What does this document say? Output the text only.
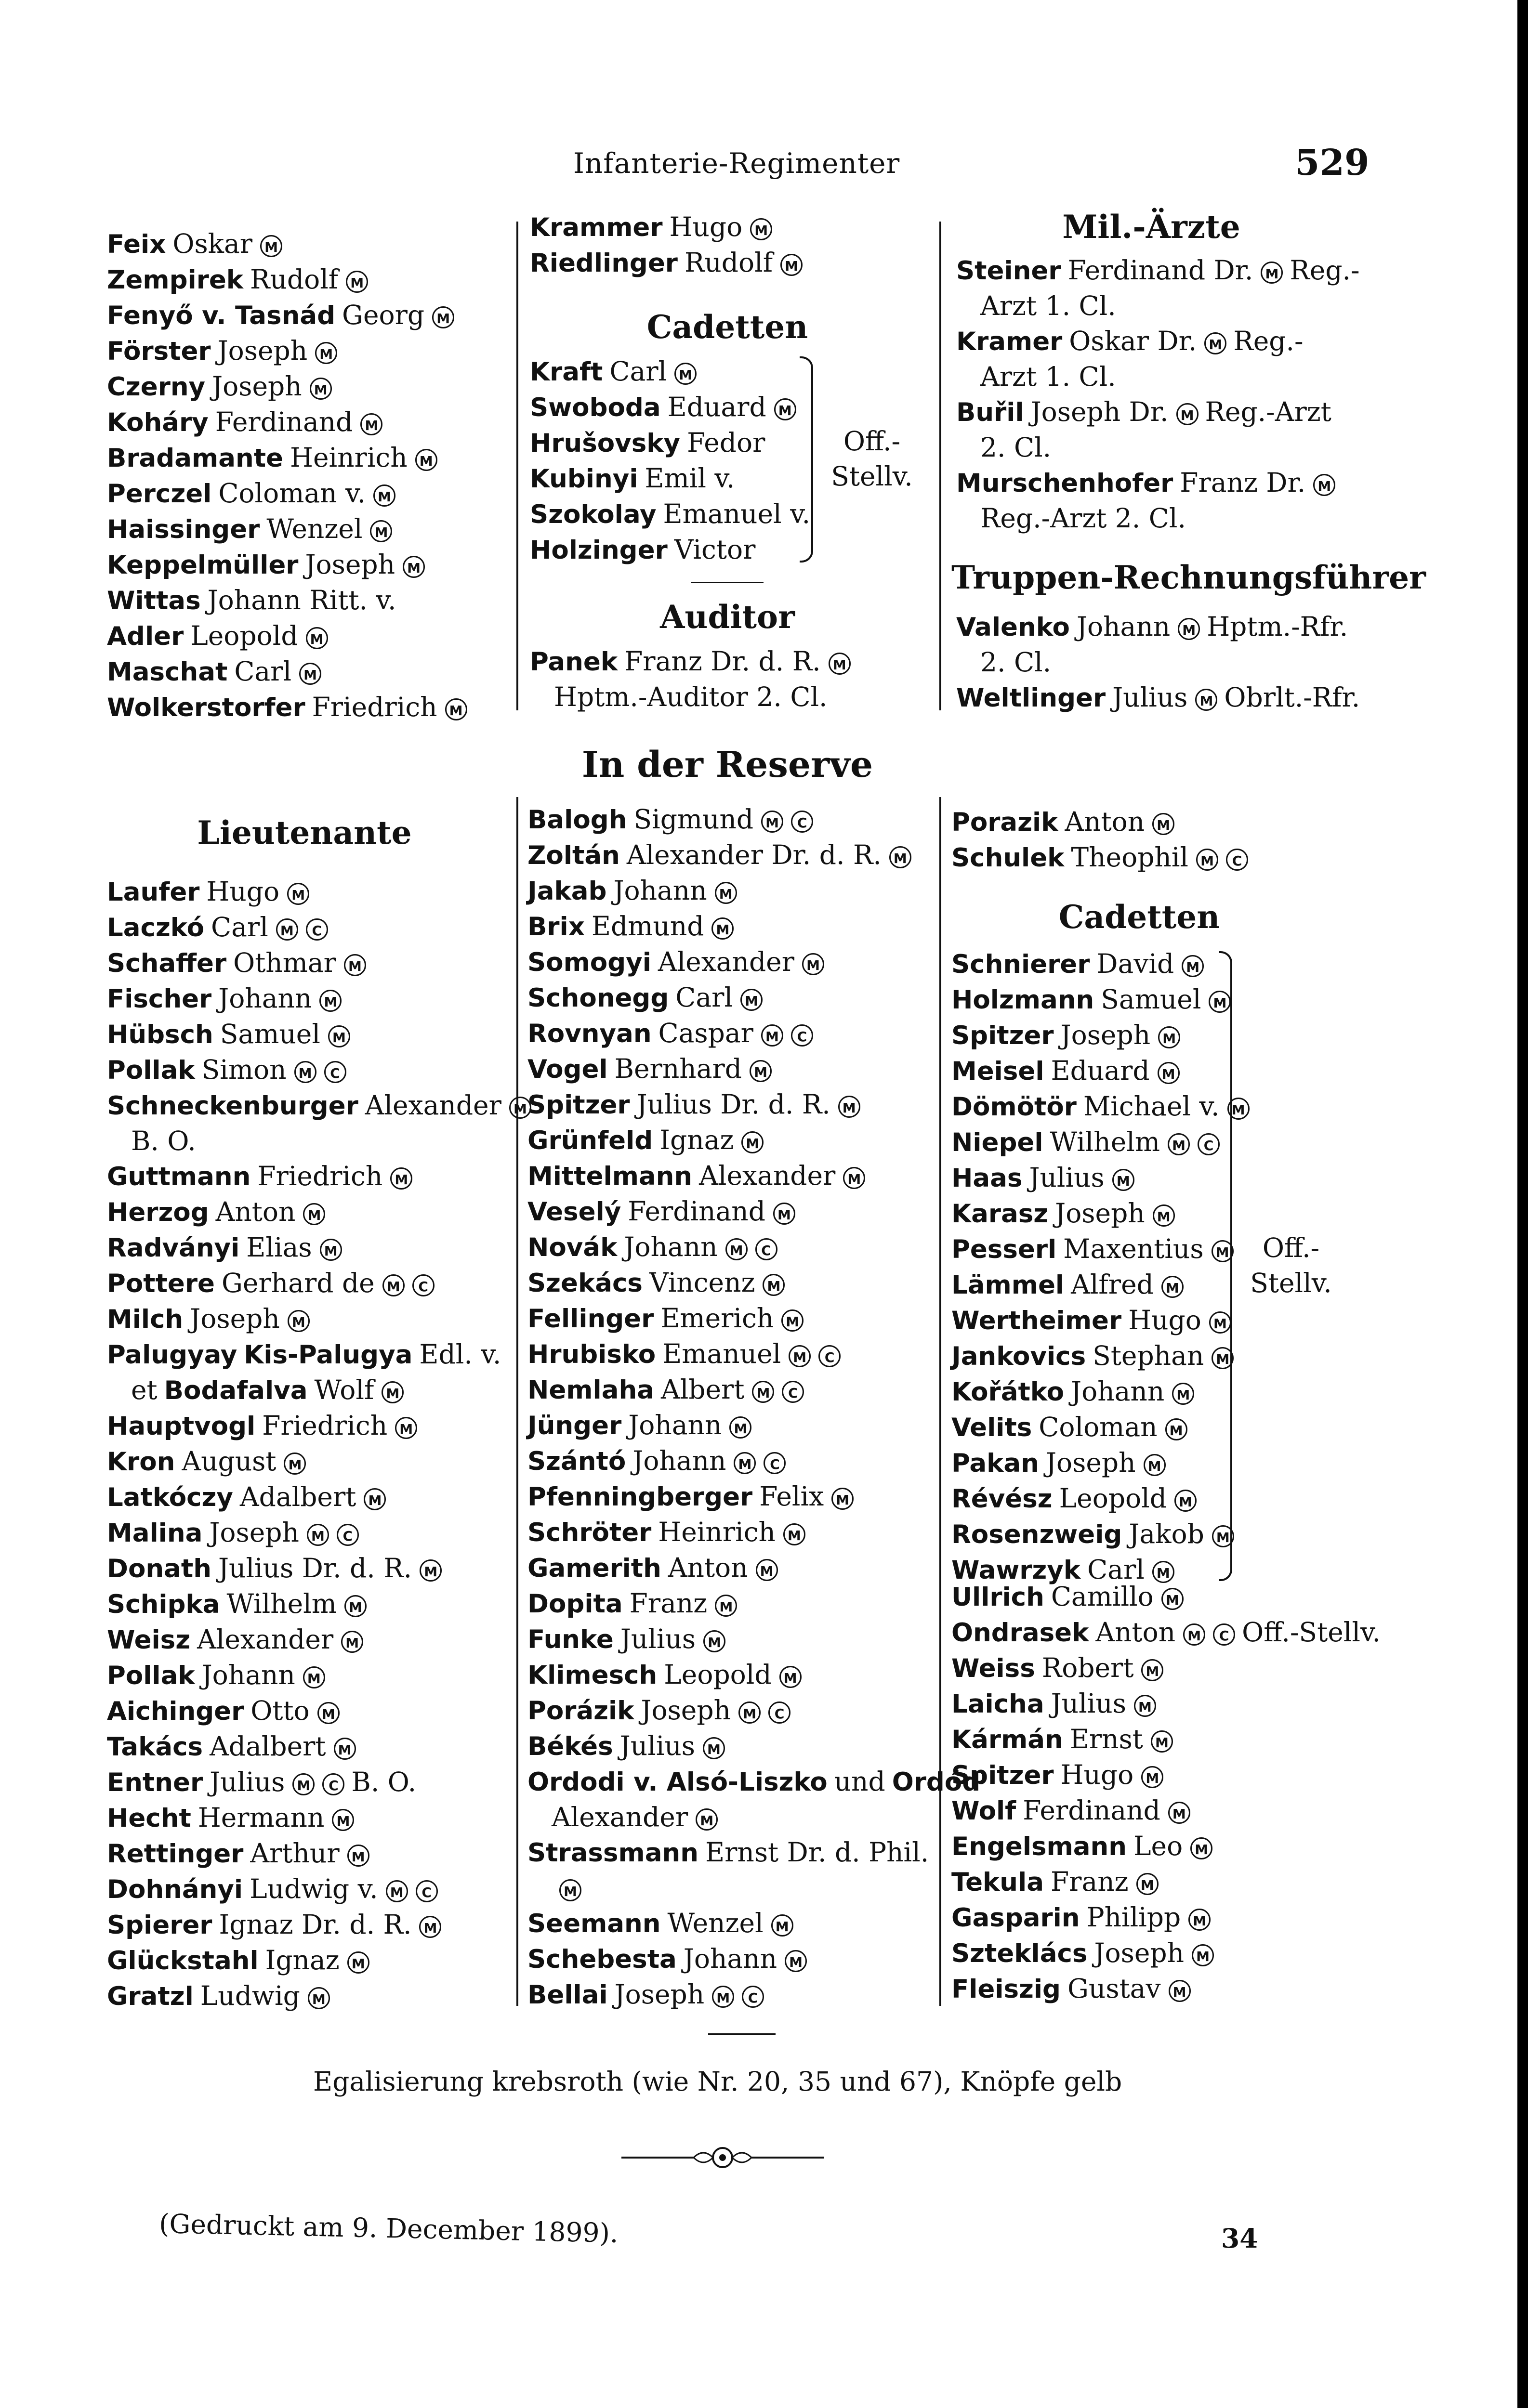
Infanterie-Regimenter	529
Feix Oskar M
Zempirek Rudolf M
Fenyő v. Tasnád Georg M
Förster Joseph M
Czerny Joseph M
Koháry Ferdinand M
Bradamante Heinrich M
Perczel Coloman v. M
Haissinger Wenzel M
Keppelmüller Joseph M
Wittas Johann Ritt. v.
Adler Leopold M
Maschat Carl M
Wolkerstorfer Friedrich M
Krammer Hugo M
Riedlinger Rudolf M
Cadetten
Kraft Carl M
Swoboda Eduard M
Hrušovsky Fedor
Kubinyi Emil v.
Szokolay Emanuel v.
Holzinger Victor
Off.-
Stellv.
Auditor
Panek Franz Dr. d. R. M
Hptm.-Auditor 2. Cl.
Mil.-Ärzte
Steiner Ferdinand Dr. M Reg.-
Arzt 1. Cl.
Kramer Oskar Dr. M Reg.-
Arzt 1. Cl.
Buřil Joseph Dr. M Reg.-Arzt
2. Cl.
Murschenhofer Franz Dr. M
Reg.-Arzt 2. Cl.
Truppen-Rechnungsführer
Valenko Johann M Hptm.-Rfr.
2. Cl.
Weltlinger Julius M Obrlt.-Rfr.
In der Reserve
Lieutenante
Laufer Hugo M
Laczkó Carl M C
Schaffer Othmar M
Fischer Johann M
Hübsch Samuel M
Pollak Simon M C
Schneckenburger Alexander M
B. O.
Guttmann Friedrich M
Herzog Anton M
Radványi Elias M
Pottere Gerhard de M C
Milch Joseph M
Palugyay Kis-Palugya Edl. v.
et Bodafalva Wolf M
Hauptvogl Friedrich M
Kron August M
Latkóczy Adalbert M
Malina Joseph M C
Donath Julius Dr. d. R. M
Schipka Wilhelm M
Weisz Alexander M
Pollak Johann M
Aichinger Otto M
Takács Adalbert M
Entner Julius M C B. O.
Hecht Hermann M
Rettinger Arthur M
Dohnányi Ludwig v. M C
Spierer Ignaz Dr. d. R. M
Glückstahl Ignaz M
Gratzl Ludwig M
Balogh Sigmund M C
Zoltán Alexander Dr. d. R. M
Jakab Johann M
Brix Edmund M
Somogyi Alexander M
Schonegg Carl M
Rovnyan Caspar M C
Vogel Bernhard M
Spitzer Julius Dr. d. R. M
Grünfeld Ignaz M
Mittelmann Alexander M
Veselý Ferdinand M
Novák Johann M C
Szekács Vincenz M
Fellinger Emerich M
Hrubisko Emanuel M C
Nemlaha Albert M C
Jünger Johann M
Szántó Johann M C
Pfenningberger Felix M
Schröter Heinrich M
Gamerith Anton M
Dopita Franz M
Funke Julius M
Klimesch Leopold M
Porázik Joseph M C
Békés Julius M
Ordodi v. Alsó-Liszko und Ordód
Alexander M
Strassmann Ernst Dr. d. Phil.
M
Seemann Wenzel M
Schebesta Johann M
Bellai Joseph M C
Porazik Anton M
Schulek Theophil M C
Cadetten
Schnierer David M
Holzmann Samuel M
Spitzer Joseph M
Meisel Eduard M
Dömötör Michael v. M
Niepel Wilhelm M C
Haas Julius M
Karasz Joseph M
Pesserl Maxentius M
Lämmel Alfred M
Wertheimer Hugo M
Jankovics Stephan M
Kořátko Johann M
Velits Coloman M
Pakan Joseph M
Révész Leopold M
Rosenzweig Jakob M
Wawrzyk Carl M
Off.-
Stellv.
Ullrich Camillo M
Ondrasek Anton M C Off.-Stellv.
Weiss Robert M
Laicha Julius M
Kármán Ernst M
Spitzer Hugo M
Wolf Ferdinand M
Engelsmann Leo M
Tekula Franz M
Gasparin Philipp M
Szteklács Joseph M
Fleiszig Gustav M
Egalisierung krebsroth (wie Nr. 20, 35 und 67), Knöpfe gelb
(Gedruckt am 9. December 1899).	34
